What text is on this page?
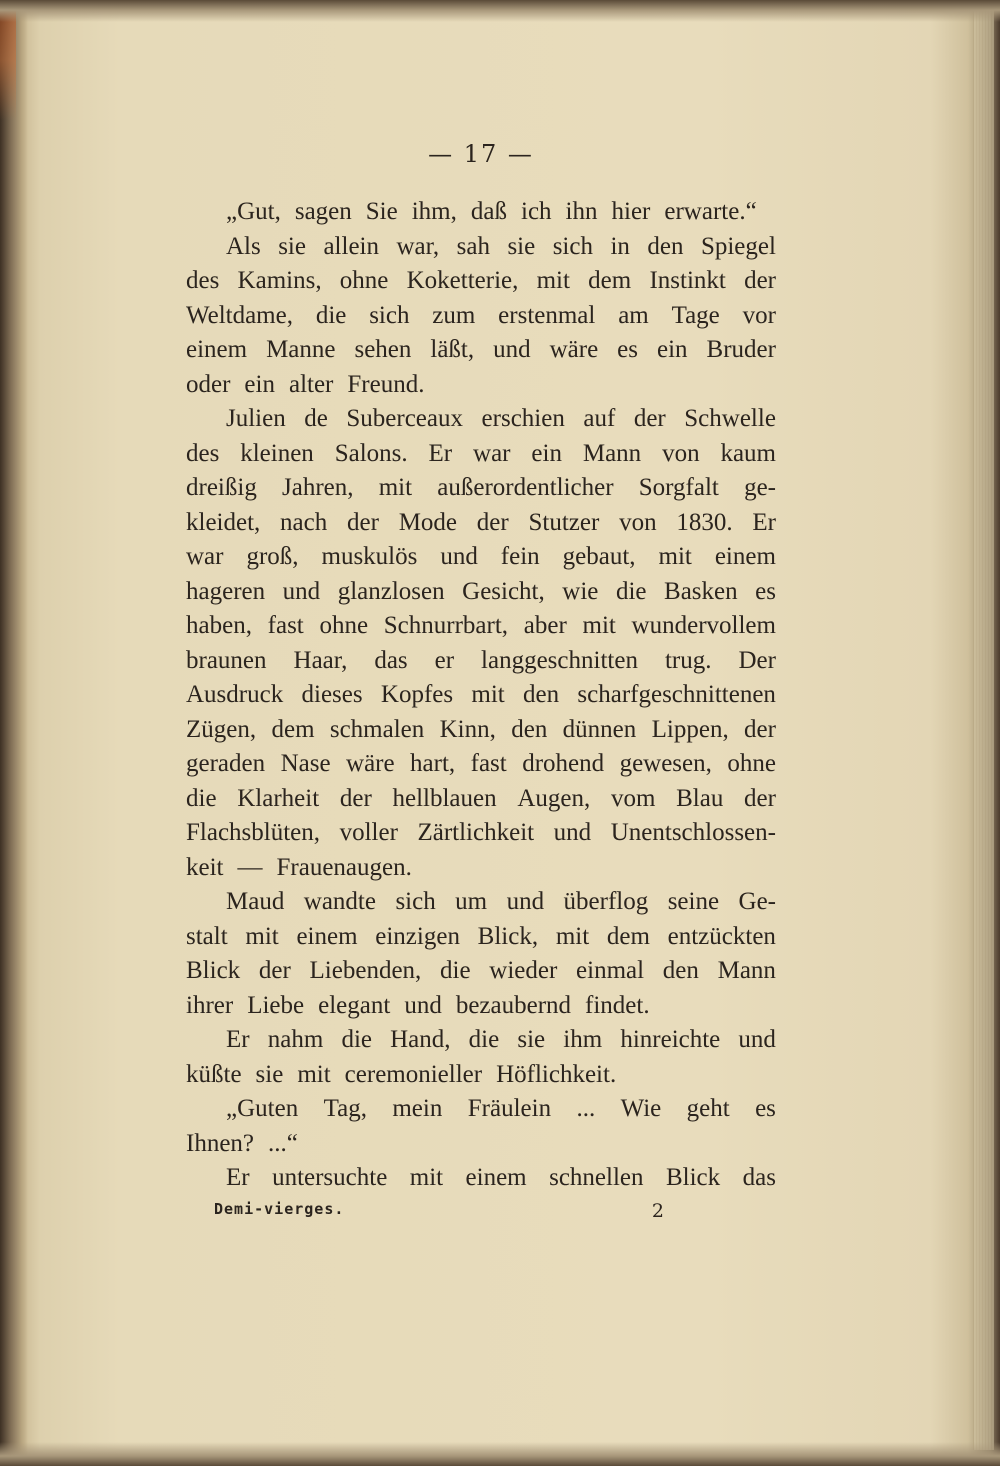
— 17 —
„Gut, sagen Sie ihm, daß ich ihn hier erwarte.“
Als sie allein war, sah sie sich in den Spiegel
des Kamins, ohne Koketterie, mit dem Instinkt der
Weltdame, die sich zum erstenmal am Tage vor
einem Manne sehen läßt, und wäre es ein Bruder
oder ein alter Freund.
Julien de Suberceaux erschien auf der Schwelle
des kleinen Salons. Er war ein Mann von kaum
dreißig Jahren, mit außerordentlicher Sorgfalt ge-
kleidet, nach der Mode der Stutzer von 1830. Er
war groß, muskulös und fein gebaut, mit einem
hageren und glanzlosen Gesicht, wie die Basken es
haben, fast ohne Schnurrbart, aber mit wundervollem
braunen Haar, das er langgeschnitten trug. Der
Ausdruck dieses Kopfes mit den scharfgeschnittenen
Zügen, dem schmalen Kinn, den dünnen Lippen, der
geraden Nase wäre hart, fast drohend gewesen, ohne
die Klarheit der hellblauen Augen, vom Blau der
Flachsblüten, voller Zärtlichkeit und Unentschlossen-
keit — Frauenaugen.
Maud wandte sich um und überflog seine Ge-
stalt mit einem einzigen Blick, mit dem entzückten
Blick der Liebenden, die wieder einmal den Mann
ihrer Liebe elegant und bezaubernd findet.
Er nahm die Hand, die sie ihm hinreichte und
küßte sie mit ceremonieller Höflichkeit.
„Guten Tag, mein Fräulein ... Wie geht es
Ihnen? ...“
Er untersuchte mit einem schnellen Blick das
Demi-vierges.	2
